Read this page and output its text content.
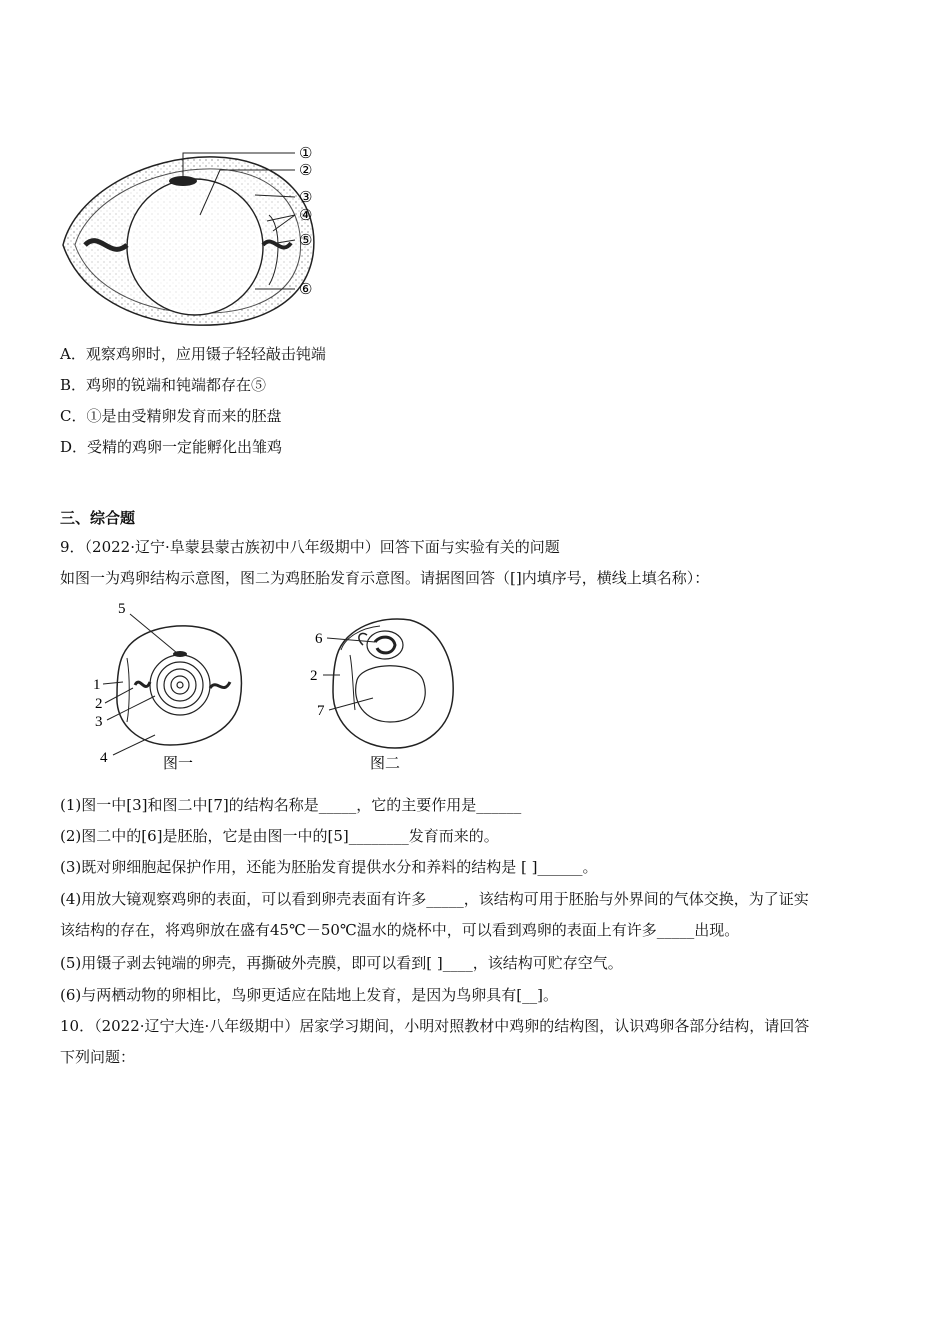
①
②
③
④
⑤
⑥
A．观察鸡卵时，应用镊子轻轻敲击钝端
B．鸡卵的锐端和钝端都存在⑤
C．①是由受精卵发育而来的胚盘
D．受精的鸡卵一定能孵化出雏鸡
三、综合题
9．（2022·辽宁·阜蒙县蒙古族初中八年级期中）回答下面与实验有关的问题
如图一为鸡卵结构示意图，图二为鸡胚胎发育示意图。请据图回答（[]内填序号，横线上填名称）：
5
1
2
3
4	图一
6
2
7
图二
(1)图一中[3]和图二中[7]的结构名称是_____，它的主要作用是______
(2)图二中的[6]是胚胎，它是由图一中的[5]________发育而来的。
(3)既对卵细胞起保护作用，还能为胚胎发育提供水分和养料的结构是 [ ]______。
(4)用放大镜观察鸡卵的表面，可以看到卵壳表面有许多_____，该结构可用于胚胎与外界间的气体交换，为了证实
该结构的存在，将鸡卵放在盛有45℃－50℃温水的烧杯中，可以看到鸡卵的表面上有许多_____出现。
(5)用镊子剥去钝端的卵壳，再撕破外壳膜，即可以看到[ ]____，该结构可贮存空气。
(6)与两栖动物的卵相比，鸟卵更适应在陆地上发育，是因为鸟卵具有[__]。
10．（2022·辽宁大连·八年级期中）居家学习期间，小明对照教材中鸡卵的结构图，认识鸡卵各部分结构，请回答
下列问题：
